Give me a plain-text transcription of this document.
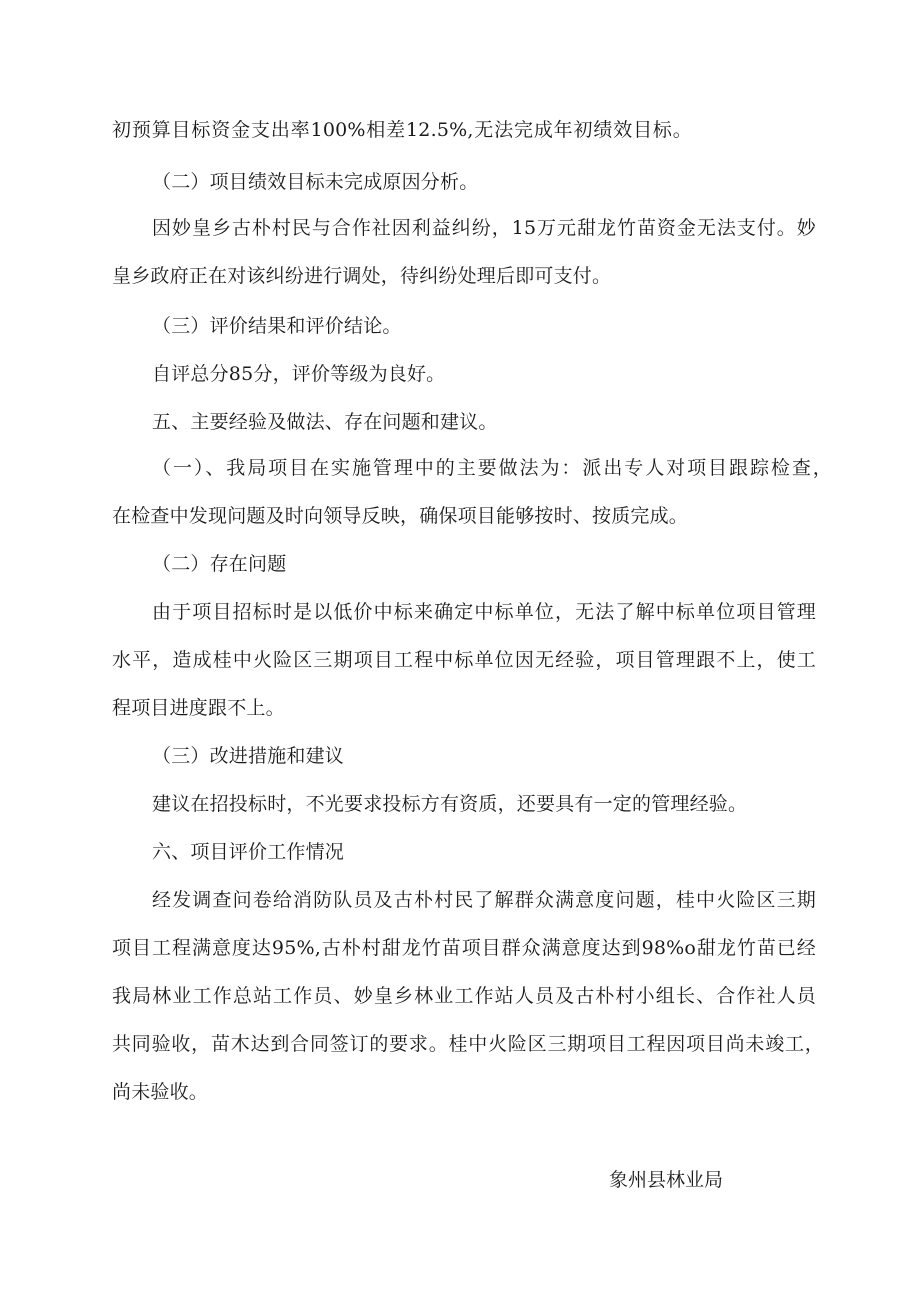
初预算目标资金支出率100%相差12.5%,无法完成年初绩效目标。
（二）项目绩效目标未完成原因分析。
因妙皇乡古朴村民与合作社因利益纠纷，15万元甜龙竹苗资金无法支付。妙
皇乡政府正在对该纠纷进行调处，待纠纷处理后即可支付。
（三）评价结果和评价结论。
自评总分85分，评价等级为良好。
五、主要经验及做法、存在问题和建议。
（一）、我局项目在实施管理中的主要做法为：派出专人对项目跟踪检查，
在检查中发现问题及时向领导反映，确保项目能够按时、按质完成。
（二）存在问题
由于项目招标时是以低价中标来确定中标单位，无法了解中标单位项目管理
水平，造成桂中火险区三期项目工程中标单位因无经验，项目管理跟不上，使工
程项目进度跟不上。
（三）改进措施和建议
建议在招投标时，不光要求投标方有资质，还要具有一定的管理经验。
六、项目评价工作情况
经发调查问卷给消防队员及古朴村民了解群众满意度问题，桂中火险区三期
项目工程满意度达95%,古朴村甜龙竹苗项目群众满意度达到98%o甜龙竹苗已经
我局林业工作总站工作员、妙皇乡林业工作站人员及古朴村小组长、合作社人员
共同验收，苗木达到合同签订的要求。桂中火险区三期项目工程因项目尚未竣工，
尚未验收。
象州县林业局
